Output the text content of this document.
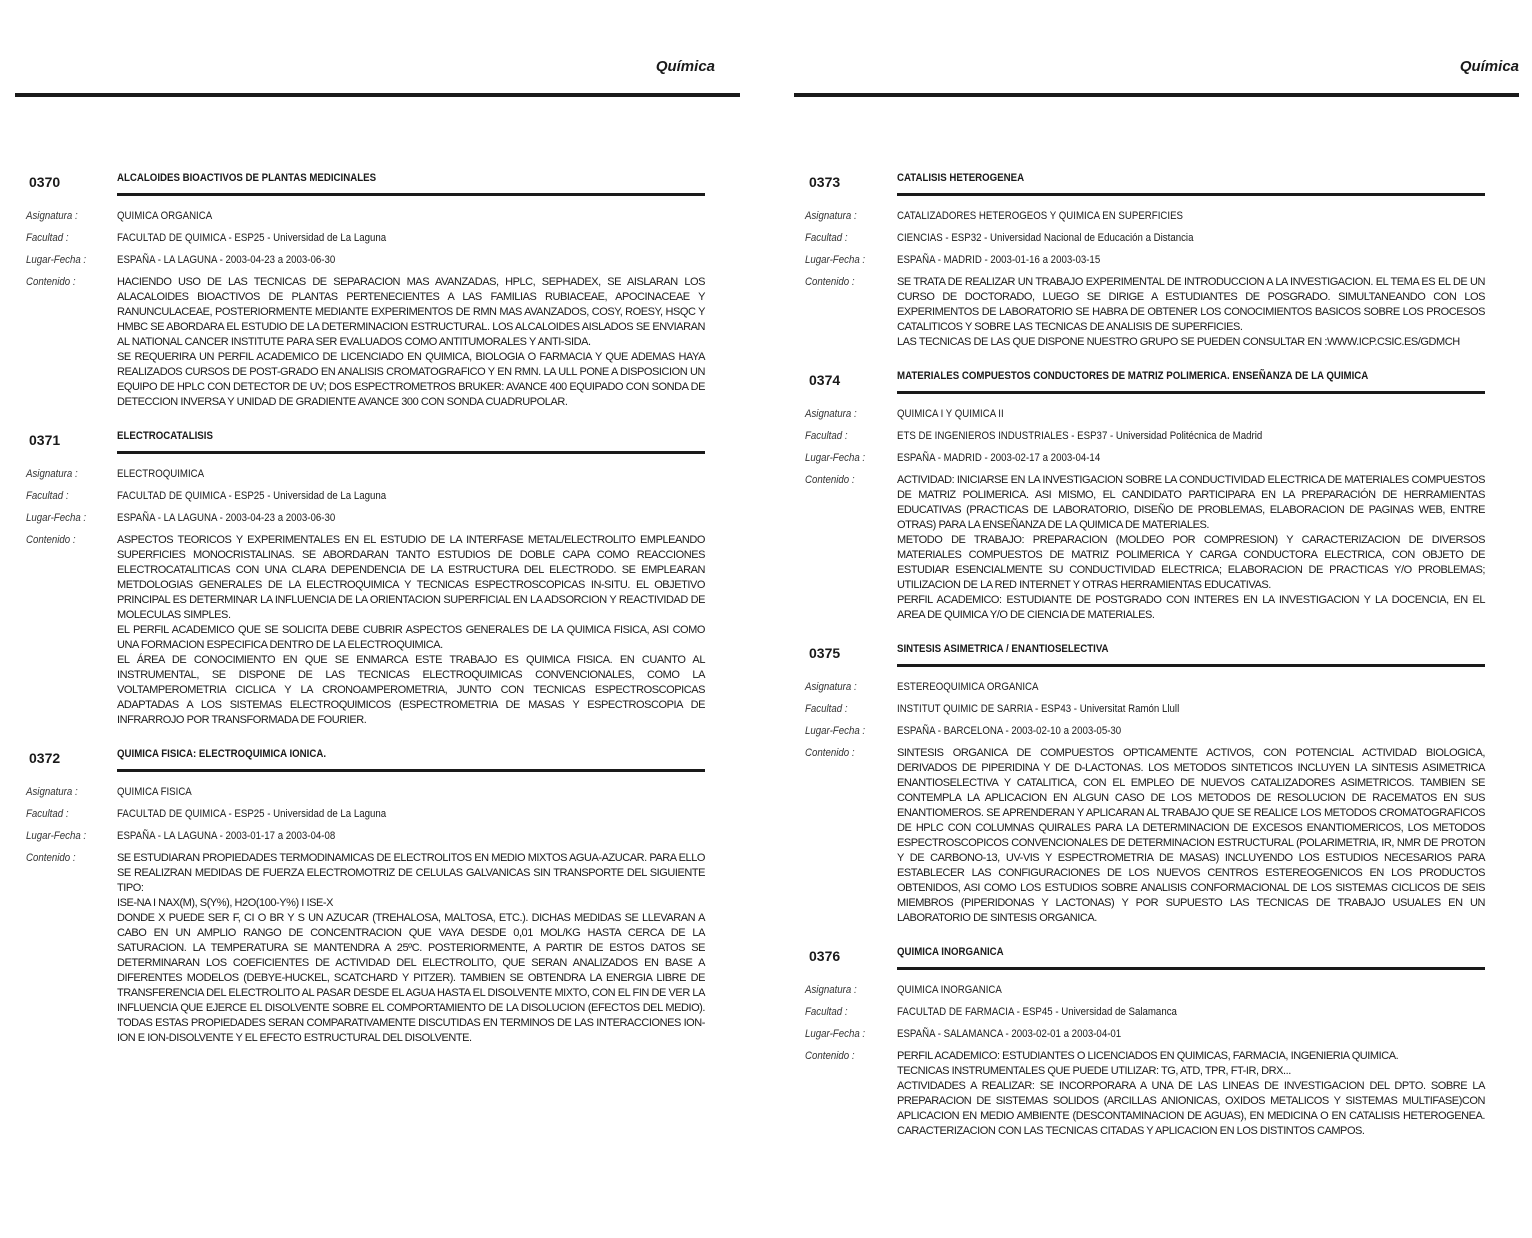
Química
0370	ALCALOIDES BIOACTIVOS DE PLANTAS MEDICINALES
Asignatura :	QUIMICA ORGANICA
Facultad :	FACULTAD DE QUIMICA - ESP25 - Universidad de La Laguna
Lugar-Fecha :	ESPAÑA - LA LAGUNA - 2003-04-23 a 2003-06-30
Contenido :	HACIENDO USO DE LAS TECNICAS DE SEPARACION MAS AVANZADAS, HPLC, SEPHADEX, SE AISLARAN LOS ALACALOIDES BIOACTIVOS DE PLANTAS PERTENECIENTES A LAS FAMILIAS RUBIACEAE, APOCINACEAE Y RANUNCULACEAE, POSTERIORMENTE MEDIANTE EXPERIMENTOS DE RMN MAS AVANZADOS, COSY, ROESY, HSQC Y HMBC SE ABORDARA EL ESTUDIO DE LA DETERMINACION ESTRUCTURAL. LOS ALCALOIDES AISLADOS SE ENVIARAN AL NATIONAL CANCER INSTITUTE PARA SER EVALUADOS COMO ANTITUMORALES Y ANTI-SIDA.

SE REQUERIRA UN PERFIL ACADEMICO DE LICENCIADO EN QUIMICA, BIOLOGIA O FARMACIA Y QUE ADEMAS HAYA REALIZADOS CURSOS DE POST-GRADO EN ANALISIS CROMATOGRAFICO Y EN RMN. LA ULL PONE A DISPOSICION UN EQUIPO DE HPLC CON DETECTOR DE UV; DOS ESPECTROMETROS BRUKER: AVANCE 400 EQUIPADO CON SONDA DE DETECCION INVERSA Y UNIDAD DE GRADIENTE AVANCE 300 CON SONDA CUADRUPOLAR.

0371	ELECTROCATALISIS
Asignatura :	ELECTROQUIMICA
Facultad :	FACULTAD DE QUIMICA - ESP25 - Universidad de La Laguna
Lugar-Fecha :	ESPAÑA - LA LAGUNA - 2003-04-23 a 2003-06-30
Contenido :	ASPECTOS TEORICOS Y EXPERIMENTALES EN EL ESTUDIO DE LA INTERFASE METAL/ELECTROLITO EMPLEANDO SUPERFICIES MONOCRISTALINAS. SE ABORDARAN TANTO ESTUDIOS DE DOBLE CAPA COMO REACCIONES ELECTROCATALITICAS CON UNA CLARA DEPENDENCIA DE LA ESTRUCTURA DEL ELECTRODO. SE EMPLEARAN METDOLOGIAS GENERALES DE LA ELECTROQUIMICA Y TECNICAS ESPECTROSCOPICAS IN-SITU. EL OBJETIVO PRINCIPAL ES DETERMINAR LA INFLUENCIA DE LA ORIENTACION SUPERFICIAL EN LA ADSORCION Y REACTIVIDAD DE MOLECULAS SIMPLES.

EL PERFIL ACADEMICO QUE SE SOLICITA DEBE CUBRIR ASPECTOS GENERALES DE LA QUIMICA FISICA, ASI COMO UNA FORMACION ESPECIFICA DENTRO DE LA ELECTROQUIMICA.

EL ÁREA DE CONOCIMIENTO EN QUE SE ENMARCA ESTE TRABAJO ES QUIMICA FISICA. EN CUANTO AL INSTRUMENTAL, SE DISPONE DE LAS TECNICAS ELECTROQUIMICAS CONVENCIONALES, COMO LA VOLTAMPEROMETRIA CICLICA Y LA CRONOAMPEROMETRIA, JUNTO CON TECNICAS ESPECTROSCOPICAS ADAPTADAS A LOS SISTEMAS ELECTROQUIMICOS (ESPECTROMETRIA DE MASAS Y ESPECTROSCOPIA DE INFRARROJO POR TRANSFORMADA DE FOURIER.

0372	QUIMICA FISICA: ELECTROQUIMICA IONICA.
Asignatura :	QUIMICA FISICA
Facultad :	FACULTAD DE QUIMICA - ESP25 - Universidad de La Laguna
Lugar-Fecha :	ESPAÑA - LA LAGUNA - 2003-01-17 a 2003-04-08
Contenido :	SE ESTUDIARAN PROPIEDADES TERMODINAMICAS DE ELECTROLITOS EN MEDIO MIXTOS AGUA-AZUCAR. PARA ELLO SE REALIZRAN MEDIDAS DE FUERZA ELECTROMOTRIZ DE CELULAS GALVANICAS SIN TRANSPORTE DEL SIGUIENTE TIPO:

ISE-NA I NAX(M), S(Y%), H2O(100-Y%) I ISE-X

DONDE X PUEDE SER F, CI O BR Y S UN AZUCAR (TREHALOSA, MALTOSA, ETC.). DICHAS MEDIDAS SE LLEVARAN A CABO EN UN AMPLIO RANGO DE CONCENTRACION QUE VAYA DESDE 0,01 MOL/KG HASTA CERCA DE LA SATURACION. LA TEMPERATURA SE MANTENDRA A 25ºC. POSTERIORMENTE, A PARTIR DE ESTOS DATOS SE DETERMINARAN LOS COEFICIENTES DE ACTIVIDAD DEL ELECTROLITO, QUE SERAN ANALIZADOS EN BASE A DIFERENTES MODELOS (DEBYE-HUCKEL, SCATCHARD Y PITZER). TAMBIEN SE OBTENDRA LA ENERGIA LIBRE DE TRANSFERENCIA DEL ELECTROLITO AL PASAR DESDE EL AGUA HASTA EL DISOLVENTE MIXTO, CON EL FIN DE VER LA INFLUENCIA QUE EJERCE EL DISOLVENTE SOBRE EL COMPORTAMIENTO DE LA DISOLUCION (EFECTOS DEL MEDIO). TODAS ESTAS PROPIEDADES SERAN COMPARATIVAMENTE DISCUTIDAS EN TERMINOS DE LAS INTERACCIONES ION-ION E ION-DISOLVENTE Y EL EFECTO ESTRUCTURAL DEL DISOLVENTE.

Química
0373	CATALISIS HETEROGENEA
Asignatura :	CATALIZADORES HETEROGEOS Y QUIMICA EN SUPERFICIES
Facultad :	CIENCIAS - ESP32 - Universidad Nacional de Educación a Distancia
Lugar-Fecha :	ESPAÑA - MADRID - 2003-01-16 a 2003-03-15
Contenido :	SE TRATA DE REALIZAR UN TRABAJO EXPERIMENTAL DE INTRODUCCION A LA INVESTIGACION. EL TEMA ES EL DE UN CURSO DE DOCTORADO, LUEGO SE DIRIGE A ESTUDIANTES DE POSGRADO. SIMULTANEANDO CON LOS EXPERIMENTOS DE LABORATORIO SE HABRA DE OBTENER LOS CONOCIMIENTOS BASICOS SOBRE LOS PROCESOS CATALITICOS Y SOBRE LAS TECNICAS DE ANALISIS DE SUPERFICIES.

LAS TECNICAS DE LAS QUE DISPONE NUESTRO GRUPO SE PUEDEN CONSULTAR EN :WWW.ICP.CSIC.ES/GDMCH

0374	MATERIALES COMPUESTOS CONDUCTORES DE MATRIZ POLIMERICA. ENSEÑANZA DE LA QUIMICA
Asignatura :	QUIMICA I Y QUIMICA II
Facultad :	ETS DE INGENIEROS INDUSTRIALES - ESP37 - Universidad Politécnica de Madrid
Lugar-Fecha :	ESPAÑA - MADRID - 2003-02-17 a 2003-04-14
Contenido :	ACTIVIDAD: INICIARSE EN LA INVESTIGACION SOBRE LA CONDUCTIVIDAD ELECTRICA DE MATERIALES COMPUESTOS DE MATRIZ POLIMERICA. ASI MISMO, EL CANDIDATO PARTICIPARA EN LA PREPARACIÓN DE HERRAMIENTAS EDUCATIVAS (PRACTICAS DE LABORATORIO, DISEÑO DE PROBLEMAS, ELABORACION DE PAGINAS WEB, ENTRE OTRAS) PARA LA ENSEÑANZA DE LA QUIMICA DE MATERIALES.

METODO DE TRABAJO: PREPARACION (MOLDEO POR COMPRESION) Y CARACTERIZACION DE DIVERSOS MATERIALES COMPUESTOS DE MATRIZ POLIMERICA Y CARGA CONDUCTORA ELECTRICA, CON OBJETO DE ESTUDIAR ESENCIALMENTE SU CONDUCTIVIDAD ELECTRICA; ELABORACION DE PRACTICAS Y/O PROBLEMAS; UTILIZACION DE LA RED INTERNET Y OTRAS HERRAMIENTAS EDUCATIVAS.

PERFIL ACADEMICO: ESTUDIANTE DE POSTGRADO CON INTERES EN LA INVESTIGACION Y LA DOCENCIA, EN EL AREA DE QUIMICA Y/O DE CIENCIA DE MATERIALES.

0375	SINTESIS ASIMETRICA / ENANTIOSELECTIVA
Asignatura :	ESTEREOQUIMICA ORGANICA
Facultad :	INSTITUT QUIMIC DE SARRIA - ESP43 - Universitat Ramón Llull
Lugar-Fecha :	ESPAÑA - BARCELONA - 2003-02-10 a 2003-05-30
Contenido :	SINTESIS ORGANICA DE COMPUESTOS OPTICAMENTE ACTIVOS, CON POTENCIAL ACTIVIDAD BIOLOGICA, DERIVADOS DE PIPERIDINA Y DE D-LACTONAS. LOS METODOS SINTETICOS INCLUYEN LA SINTESIS ASIMETRICA ENANTIOSELECTIVA Y CATALITICA, CON EL EMPLEO DE NUEVOS CATALIZADORES ASIMETRICOS. TAMBIEN SE CONTEMPLA LA APLICACION EN ALGUN CASO DE LOS METODOS DE RESOLUCION DE RACEMATOS EN SUS ENANTIOMEROS. SE APRENDERAN Y APLICARAN AL TRABAJO QUE SE REALICE LOS METODOS CROMATOGRAFICOS DE HPLC CON COLUMNAS QUIRALES PARA LA DETERMINACION DE EXCESOS ENANTIOMERICOS, LOS METODOS ESPECTROSCOPICOS CONVENCIONALES DE DETERMINACION ESTRUCTURAL (POLARIMETRIA, IR, NMR DE PROTON Y DE CARBONO-13, UV-VIS Y ESPECTROMETRIA DE MASAS) INCLUYENDO LOS ESTUDIOS NECESARIOS PARA ESTABLECER LAS CONFIGURACIONES DE LOS NUEVOS CENTROS ESTEREOGENICOS EN LOS PRODUCTOS OBTENIDOS, ASI COMO LOS ESTUDIOS SOBRE ANALISIS CONFORMACIONAL DE LOS SISTEMAS CICLICOS DE SEIS MIEMBROS (PIPERIDONAS Y LACTONAS) Y POR SUPUESTO LAS TECNICAS DE TRABAJO USUALES EN UN LABORATORIO DE SINTESIS ORGANICA.

0376	QUIMICA INORGANICA
Asignatura :	QUIMICA INORGANICA
Facultad :	FACULTAD DE FARMACIA - ESP45 - Universidad de Salamanca
Lugar-Fecha :	ESPAÑA - SALAMANCA - 2003-02-01 a 2003-04-01
Contenido :	PERFIL ACADEMICO: ESTUDIANTES O LICENCIADOS EN QUIMICAS, FARMACIA, INGENIERIA QUIMICA.

TECNICAS INSTRUMENTALES QUE PUEDE UTILIZAR: TG, ATD, TPR, FT-IR, DRX...

ACTIVIDADES A REALIZAR: SE INCORPORARA A UNA DE LAS LINEAS DE INVESTIGACION DEL DPTO. SOBRE LA PREPARACION DE SISTEMAS SOLIDOS (ARCILLAS ANIONICAS, OXIDOS METALICOS Y SISTEMAS MULTIFASE)CON APLICACION EN MEDIO AMBIENTE (DESCONTAMINACION DE AGUAS), EN MEDICINA O EN CATALISIS HETEROGENEA. CARACTERIZACION CON LAS TECNICAS CITADAS Y APLICACION EN LOS DISTINTOS CAMPOS.
